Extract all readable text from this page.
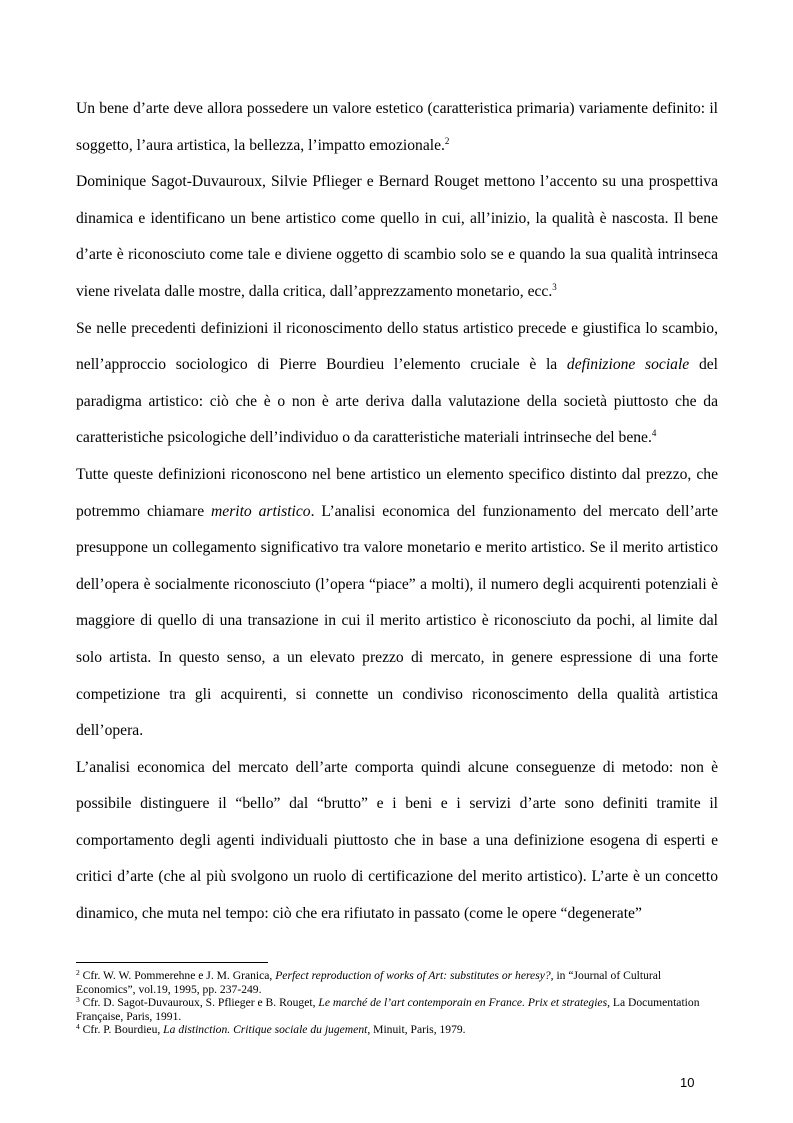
Un bene d’arte deve allora possedere un valore estetico (caratteristica primaria) variamente definito: il soggetto, l’aura artistica, la bellezza, l’impatto emozionale.$^2$

Dominique Sagot-Duvauroux, Silvie Pflieger e Bernard Rouget mettono l’accento su una prospettiva dinamica e identificano un bene artistico come quello in cui, all’inizio, la qualità è nascosta. Il bene d’arte è riconosciuto come tale e diviene oggetto di scambio solo se e quando la sua qualità intrinseca viene rivelata dalle mostre, dalla critica, dall’apprezzamento monetario, ecc.$^3$

Se nelle precedenti definizioni il riconoscimento dello status artistico precede e giustifica lo scambio, nell’approccio sociologico di Pierre Bourdieu l’elemento cruciale è la definizione sociale del paradigma artistico: ciò che è o non è arte deriva dalla valutazione della società piuttosto che da caratteristiche psicologiche dell’individuo o da caratteristiche materiali intrinseche del bene.$^4$

Tutte queste definizioni riconoscono nel bene artistico un elemento specifico distinto dal prezzo, che potremmo chiamare merito artistico. L’analisi economica del funzionamento del mercato dell’arte presuppone un collegamento significativo tra valore monetario e merito artistico. Se il merito artistico dell’opera è socialmente riconosciuto (l’opera “piace” a molti), il numero degli acquirenti potenziali è maggiore di quello di una transazione in cui il merito artistico è riconosciuto da pochi, al limite dal solo artista. In questo senso, a un elevato prezzo di mercato, in genere espressione di una forte competizione tra gli acquirenti, si connette un condiviso riconoscimento della qualità artistica dell’opera.

L’analisi economica del mercato dell’arte comporta quindi alcune conseguenze di metodo: non è possibile distinguere il “bello” dal “brutto” e i beni e i servizi d’arte sono definiti tramite il comportamento degli agenti individuali piuttosto che in base a una definizione esogena di esperti e critici d’arte (che al più svolgono un ruolo di certificazione del merito artistico). L’arte è un concetto dinamico, che muta nel tempo: ciò che era rifiutato in passato (come le opere “degenerate”

$^2$ Cfr. W. W. Pommerehne e J. M. Granica, Perfect reproduction of works of Art: substitutes or heresy?, in “Journal of Cultural Economics”, vol.19, 1995, pp. 237-249.

$^3$ Cfr. D. Sagot-Duvauroux, S. Pflieger e B. Rouget, Le marché de l’art contemporain en France. Prix et strategies, La Documentation Française, Paris, 1991.

$^4$ Cfr. P. Bourdieu, La distinction. Critique sociale du jugement, Minuit, Paris, 1979.

10
